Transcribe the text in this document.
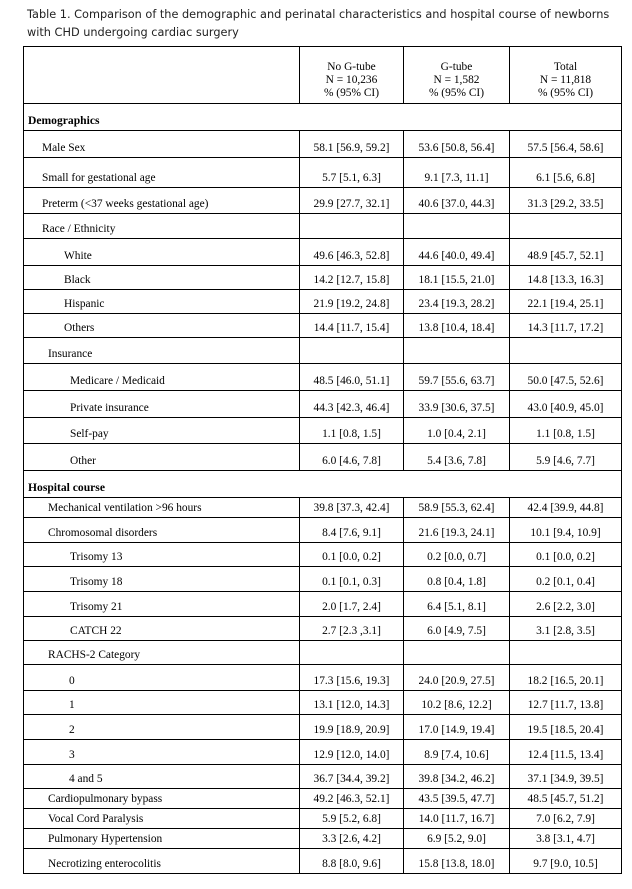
Table 1. Comparison of the demographic and perinatal characteristics and hospital course of newborns
with CHD undergoing cardiac surgery

	No G-tube
N = 10,236
% (95% CI)	G-tube
N = 1,582
% (95% CI)	Total
N = 11,818
% (95% CI)

Demographics			
Male Sex	58.1 [56.9, 59.2]	53.6 [50.8, 56.4]	57.5 [56.4, 58.6]
Small for gestational age	5.7 [5.1, 6.3]	9.1 [7.3, 11.1]	6.1 [5.6, 6.8]
Preterm (<37 weeks gestational age)	29.9 [27.7, 32.1]	40.6 [37.0, 44.3]	31.3 [29.2, 33.5]
Race / Ethnicity			
White	49.6 [46.3, 52.8]	44.6 [40.0, 49.4]	48.9 [45.7, 52.1]
Black	14.2 [12.7, 15.8]	18.1 [15.5, 21.0]	14.8 [13.3, 16.3]
Hispanic	21.9 [19.2, 24.8]	23.4 [19.3, 28.2]	22.1 [19.4, 25.1]
Others	14.4 [11.7, 15.4]	13.8 [10.4, 18.4]	14.3 [11.7, 17.2]
Insurance			
Medicare / Medicaid	48.5 [46.0, 51.1]	59.7 [55.6, 63.7]	50.0 [47.5, 52.6]
Private insurance	44.3 [42.3, 46.4]	33.9 [30.6, 37.5]	43.0 [40.9, 45.0]
Self-pay	1.1 [0.8, 1.5]	1.0 [0.4, 2.1]	1.1 [0.8, 1.5]
Other	6.0 [4.6, 7.8]	5.4 [3.6, 7.8]	5.9 [4.6, 7.7]
Hospital course			
Mechanical ventilation >96 hours	39.8 [37.3, 42.4]	58.9 [55.3, 62.4]	42.4 [39.9, 44.8]
Chromosomal disorders	8.4 [7.6, 9.1]	21.6 [19.3, 24.1]	10.1 [9.4, 10.9]
Trisomy 13	0.1 [0.0, 0.2]	0.2 [0.0, 0.7]	0.1 [0.0, 0.2]
Trisomy 18	0.1 [0.1, 0.3]	0.8 [0.4, 1.8]	0.2 [0.1, 0.4]
Trisomy 21	2.0 [1.7, 2.4]	6.4 [5.1, 8.1]	2.6 [2.2, 3.0]
CATCH 22	2.7 [2.3 ,3.1]	6.0 [4.9, 7.5]	3.1 [2.8, 3.5]
RACHS-2 Category			
0	17.3 [15.6, 19.3]	24.0 [20.9, 27.5]	18.2 [16.5, 20.1]
1	13.1 [12.0, 14.3]	10.2 [8.6, 12.2]	12.7 [11.7, 13.8]
2	19.9 [18.9, 20.9]	17.0 [14.9, 19.4]	19.5 [18.5, 20.4]
3	12.9 [12.0, 14.0]	8.9 [7.4, 10.6]	12.4 [11.5, 13.4]
4 and 5	36.7 [34.4, 39.2]	39.8 [34.2, 46.2]	37.1 [34.9, 39.5]
Cardiopulmonary bypass	49.2 [46.3, 52.1]	43.5 [39.5, 47.7]	48.5 [45.7, 51.2]
Vocal Cord Paralysis	5.9 [5.2, 6.8]	14.0 [11.7, 16.7]	7.0 [6.2, 7.9]
Pulmonary Hypertension	3.3 [2.6, 4.2]	6.9 [5.2, 9.0]	3.8 [3.1, 4.7]
Necrotizing enterocolitis	8.8 [8.0, 9.6]	15.8 [13.8, 18.0]	9.7 [9.0, 10.5]
